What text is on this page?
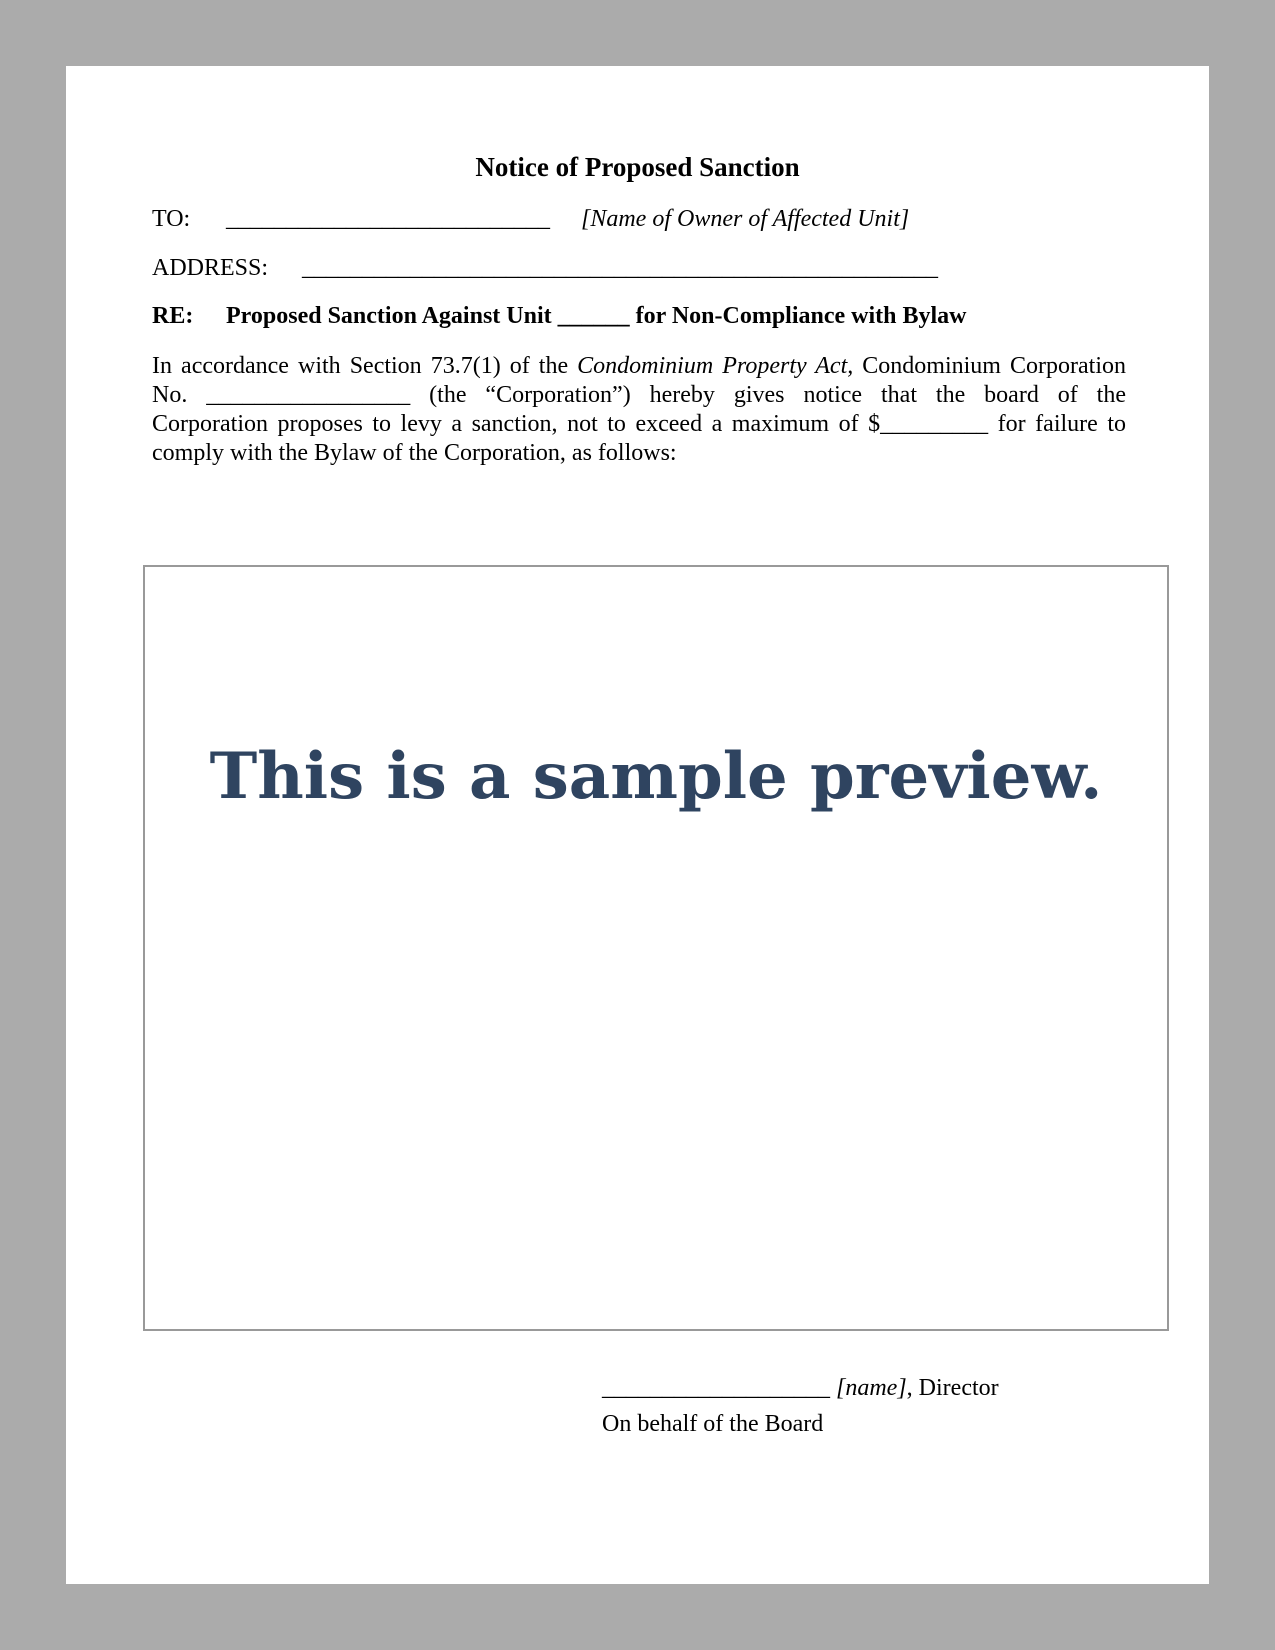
Notice of Proposed Sanction
TO: ___________________________ [Name of Owner of Affected Unit]
ADDRESS: _____________________________________________________
RE: Proposed Sanction Against Unit ______ for Non-Compliance with Bylaw
In accordance with Section 73.7(1) of the Condominium Property Act, Condominium Corporation
No. _________________ (the “Corporation”) hereby gives notice that the board of the
Corporation proposes to levy a sanction, not to exceed a maximum of $_________ for failure to
comply with the Bylaw of the Corporation, as follows:
___________________ [name], Director
On behalf of the Board
This is a sample preview.
